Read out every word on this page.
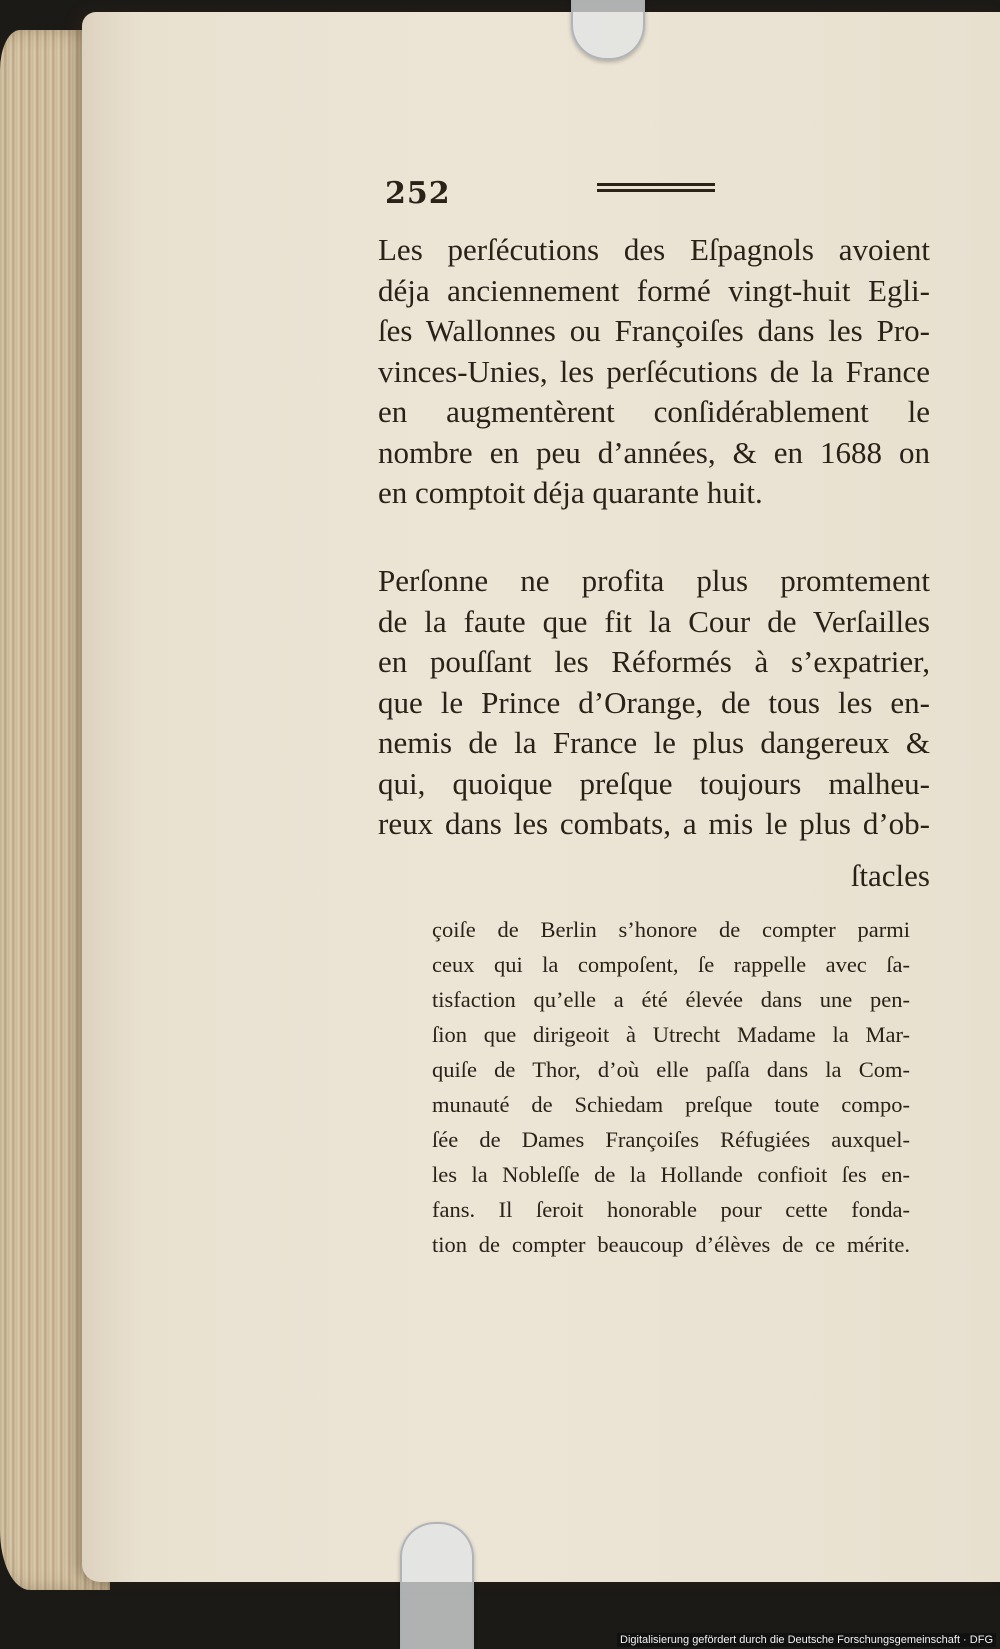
252
Les perſécutions des Eſpagnols avoient
déja anciennement formé vingt-huit Egli-
ſes Wallonnes ou Françoiſes dans les Pro-
vinces-Unies, les perſécutions de la France
en augmentèrent conſidérablement le
nombre en peu d’années, & en 1688 on
en comptoit déja quarante huit.
Perſonne ne profita plus promtement
de la faute que fit la Cour de Verſailles
en pouſſant les Réformés à s’expatrier,
que le Prince d’Orange, de tous les en-
nemis de la France le plus dangereux &
qui, quoique preſque toujours malheu-
reux dans les combats, a mis le plus d’ob-
ſtacles
çoiſe de Berlin s’honore de compter parmi
ceux qui la compoſent, ſe rappelle avec ſa-
tisfaction qu’elle a été élevée dans une pen-
ſion que dirigeoit à Utrecht Madame la Mar-
quiſe de Thor, d’où elle paſſa dans la Com-
munauté de Schiedam preſque toute compo-
ſée de Dames Françoiſes Réfugiées auxquel-
les la Nobleſſe de la Hollande confioit ſes en-
fans. Il ſeroit honorable pour cette fonda-
tion de compter beaucoup d’élèves de ce mérite.
Digitalisierung gefördert durch die Deutsche Forschungsgemeinschaft · DFG
